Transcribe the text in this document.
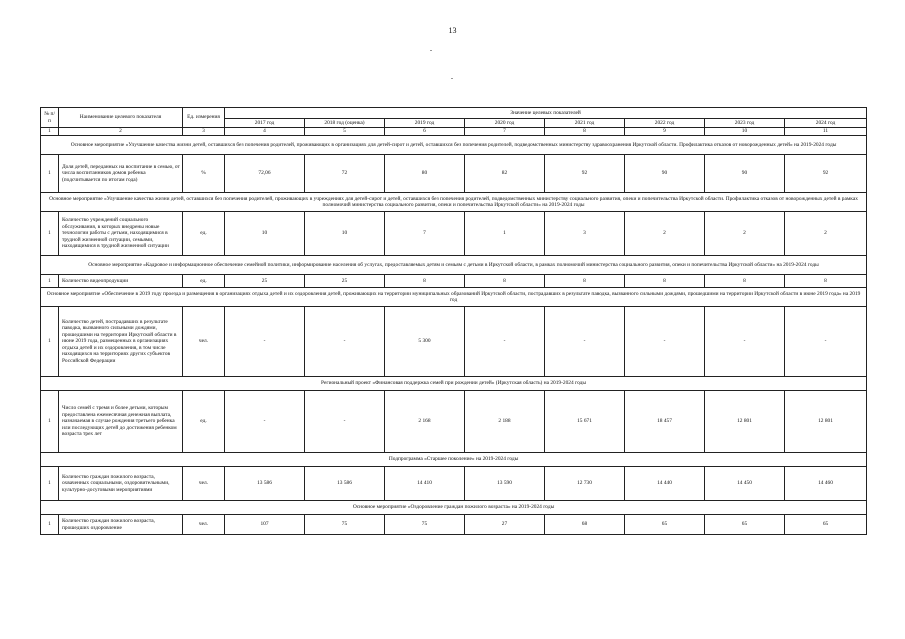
13
№ п/п	Наименование целевого показателя	Ед. измерения	Значение целевых показателей							
			2017 год	2018 год (оценка)	2019 год	2020 год	2021 год	2022 год	2023 год	2024 год
1	2	3	4	5	6	7	8	9	10	11
Основное мероприятие «Улучшение качества жизни детей, оставшихся без попечения родителей, проживающих в организациях для детей-сирот и детей, оставшихся без попечения родителей, подведомственных министерству здравоохранения Иркутской области. Профилактика отказов от новорожденных детей» на 2019-2024 годы										
1	Доля детей, переданных на воспитание в семью, от числа воспитанников домов ребенка (подсчитывается по итогам года)	%	72,06	72	80	82	92	90	90	92
Основное мероприятие «Улучшение качества жизни детей, оставшихся без попечения родителей, проживающих в учреждениях для детей-сирот и детей, оставшихся без попечения родителей, подведомственных министерству социального развития, опеки и попечительства Иркутской области. Профилактика отказов от новорожденных детей в рамках полномочий министерства социального развития, опеки и попечительства Иркутской области» на 2019-2024 годы										
1	Количество учреждений социального обслуживания, в которых внедрены новые технологии работы с детьми, находящимися в трудной жизненной ситуации, семьями, находящимися в трудной жизненной ситуации	ед.	10	10	7	1	3	2	2	2
Основное мероприятие «Кадровое и информационное обеспечение семейной политики, информирование населения об услугах, предоставляемых детям и семьям с детьми в Иркутской области, в рамках полномочий министерства социального развития, опеки и попечительства Иркутской области» на 2019-2024 годы										
1	Количество видеопродукции	ед.	25	25	8	8	8	8	8	8
Основное мероприятие «Обеспечение в 2019 году проезда и размещения в организациях отдыха детей и их оздоровления детей, проживающих на территории муниципальных образований Иркутской области, пострадавших в результате паводка, вызванного сильными дождями, прошедшими на территории Иркутской области в июне 2019 года» на 2019 год										
1	Количество детей, пострадавших в результате паводка, вызванного сильными дождями, прошедшими на территории Иркутской области в июне 2019 года, размещенных в организациях отдыха детей и их оздоровления, в том числе находящихся на территориях других субъектов Российской Федерации	чел.	-	-	5 300	-	-	-	-	-
Региональный проект «Финансовая поддержка семей при рождении детей» (Иркутская область) на 2019-2024 годы										
1	Число семей с тремя и более детьми, которым предоставлена ежемесячная денежная выплата, назначаемая в случае рождения третьего ребенка или последующих детей до достижения ребенком возраста трех лет	ед.	-	-	2 168	2 188	15 671	18 457	12 801	12 801
Подпрограмма «Старшее поколение» на 2019-2024 годы										
1	Количество граждан пожилого возраста, охваченных социальными, оздоровительными, культурно-досуговыми мероприятиями	чел.	13 586	13 586	14 410	13 590	12 730	14 440	14 450	14 460
Основное мероприятие «Оздоровление граждан пожилого возраста» на 2019-2024 годы										
1	Количество граждан пожилого возраста, прошедших оздоровление	чел.	107	75	75	27	68	65	65	65
